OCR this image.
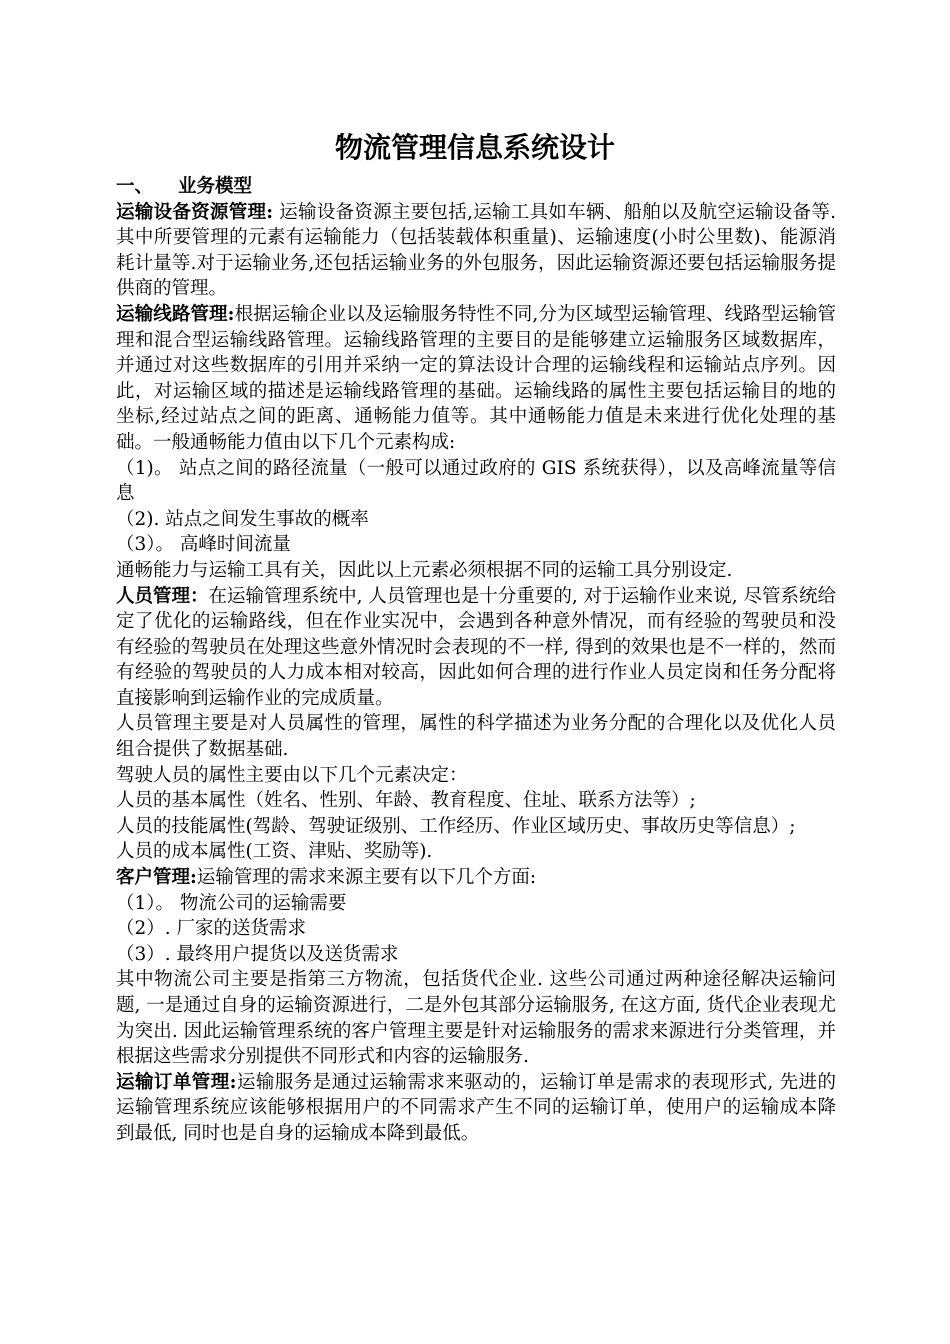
物流管理信息系统设计

一、 业务模型

运输设备资源管理: 运输设备资源主要包括,运输工具如车辆、船舶以及航空运输设备等.其中所要管理的元素有运输能力（包括装载体积重量)、运输速度(小时公里数)、能源消耗计量等.对于运输业务,还包括运输业务的外包服务，因此运输资源还要包括运输服务提供商的管理。

运输线路管理:根据运输企业以及运输服务特性不同,分为区域型运输管理、线路型运输管理和混合型运输线路管理。运输线路管理的主要目的是能够建立运输服务区域数据库，并通过对这些数据库的引用并采纳一定的算法设计合理的运输线程和运输站点序列。因此，对运输区域的描述是运输线路管理的基础。运输线路的属性主要包括运输目的地的坐标,经过站点之间的距离、通畅能力值等。其中通畅能力值是未来进行优化处理的基础。一般通畅能力值由以下几个元素构成:

（1)。 站点之间的路径流量（一般可以通过政府的 GIS 系统获得），以及高峰流量等信息

（2). 站点之间发生事故的概率

（3）。 高峰时间流量

通畅能力与运输工具有关，因此以上元素必须根据不同的运输工具分别设定.

人员管理：在运输管理系统中, 人员管理也是十分重要的, 对于运输作业来说, 尽管系统给定了优化的运输路线，但在作业实况中，会遇到各种意外情况，而有经验的驾驶员和没有经验的驾驶员在处理这些意外情况时会表现的不一样, 得到的效果也是不一样的，然而有经验的驾驶员的人力成本相对较高，因此如何合理的进行作业人员定岗和任务分配将直接影响到运输作业的完成质量。

人员管理主要是对人员属性的管理，属性的科学描述为业务分配的合理化以及优化人员组合提供了数据基础.

驾驶人员的属性主要由以下几个元素决定：

人员的基本属性（姓名、性别、年龄、教育程度、住址、联系方法等）;

人员的技能属性(驾龄、驾驶证级别、工作经历、作业区域历史、事故历史等信息）;

人员的成本属性(工资、津贴、奖励等).

客户管理:运输管理的需求来源主要有以下几个方面:

（1）。 物流公司的运输需要

（2）. 厂家的送货需求

（3）. 最终用户提货以及送货需求

其中物流公司主要是指第三方物流，包括货代企业. 这些公司通过两种途径解决运输问题, 一是通过自身的运输资源进行，二是外包其部分运输服务, 在这方面, 货代企业表现尤为突出. 因此运输管理系统的客户管理主要是针对运输服务的需求来源进行分类管理，并根据这些需求分别提供不同形式和内容的运输服务.

运输订单管理:运输服务是通过运输需求来驱动的，运输订单是需求的表现形式, 先进的运输管理系统应该能够根据用户的不同需求产生不同的运输订单，使用户的运输成本降到最低, 同时也是自身的运输成本降到最低。
